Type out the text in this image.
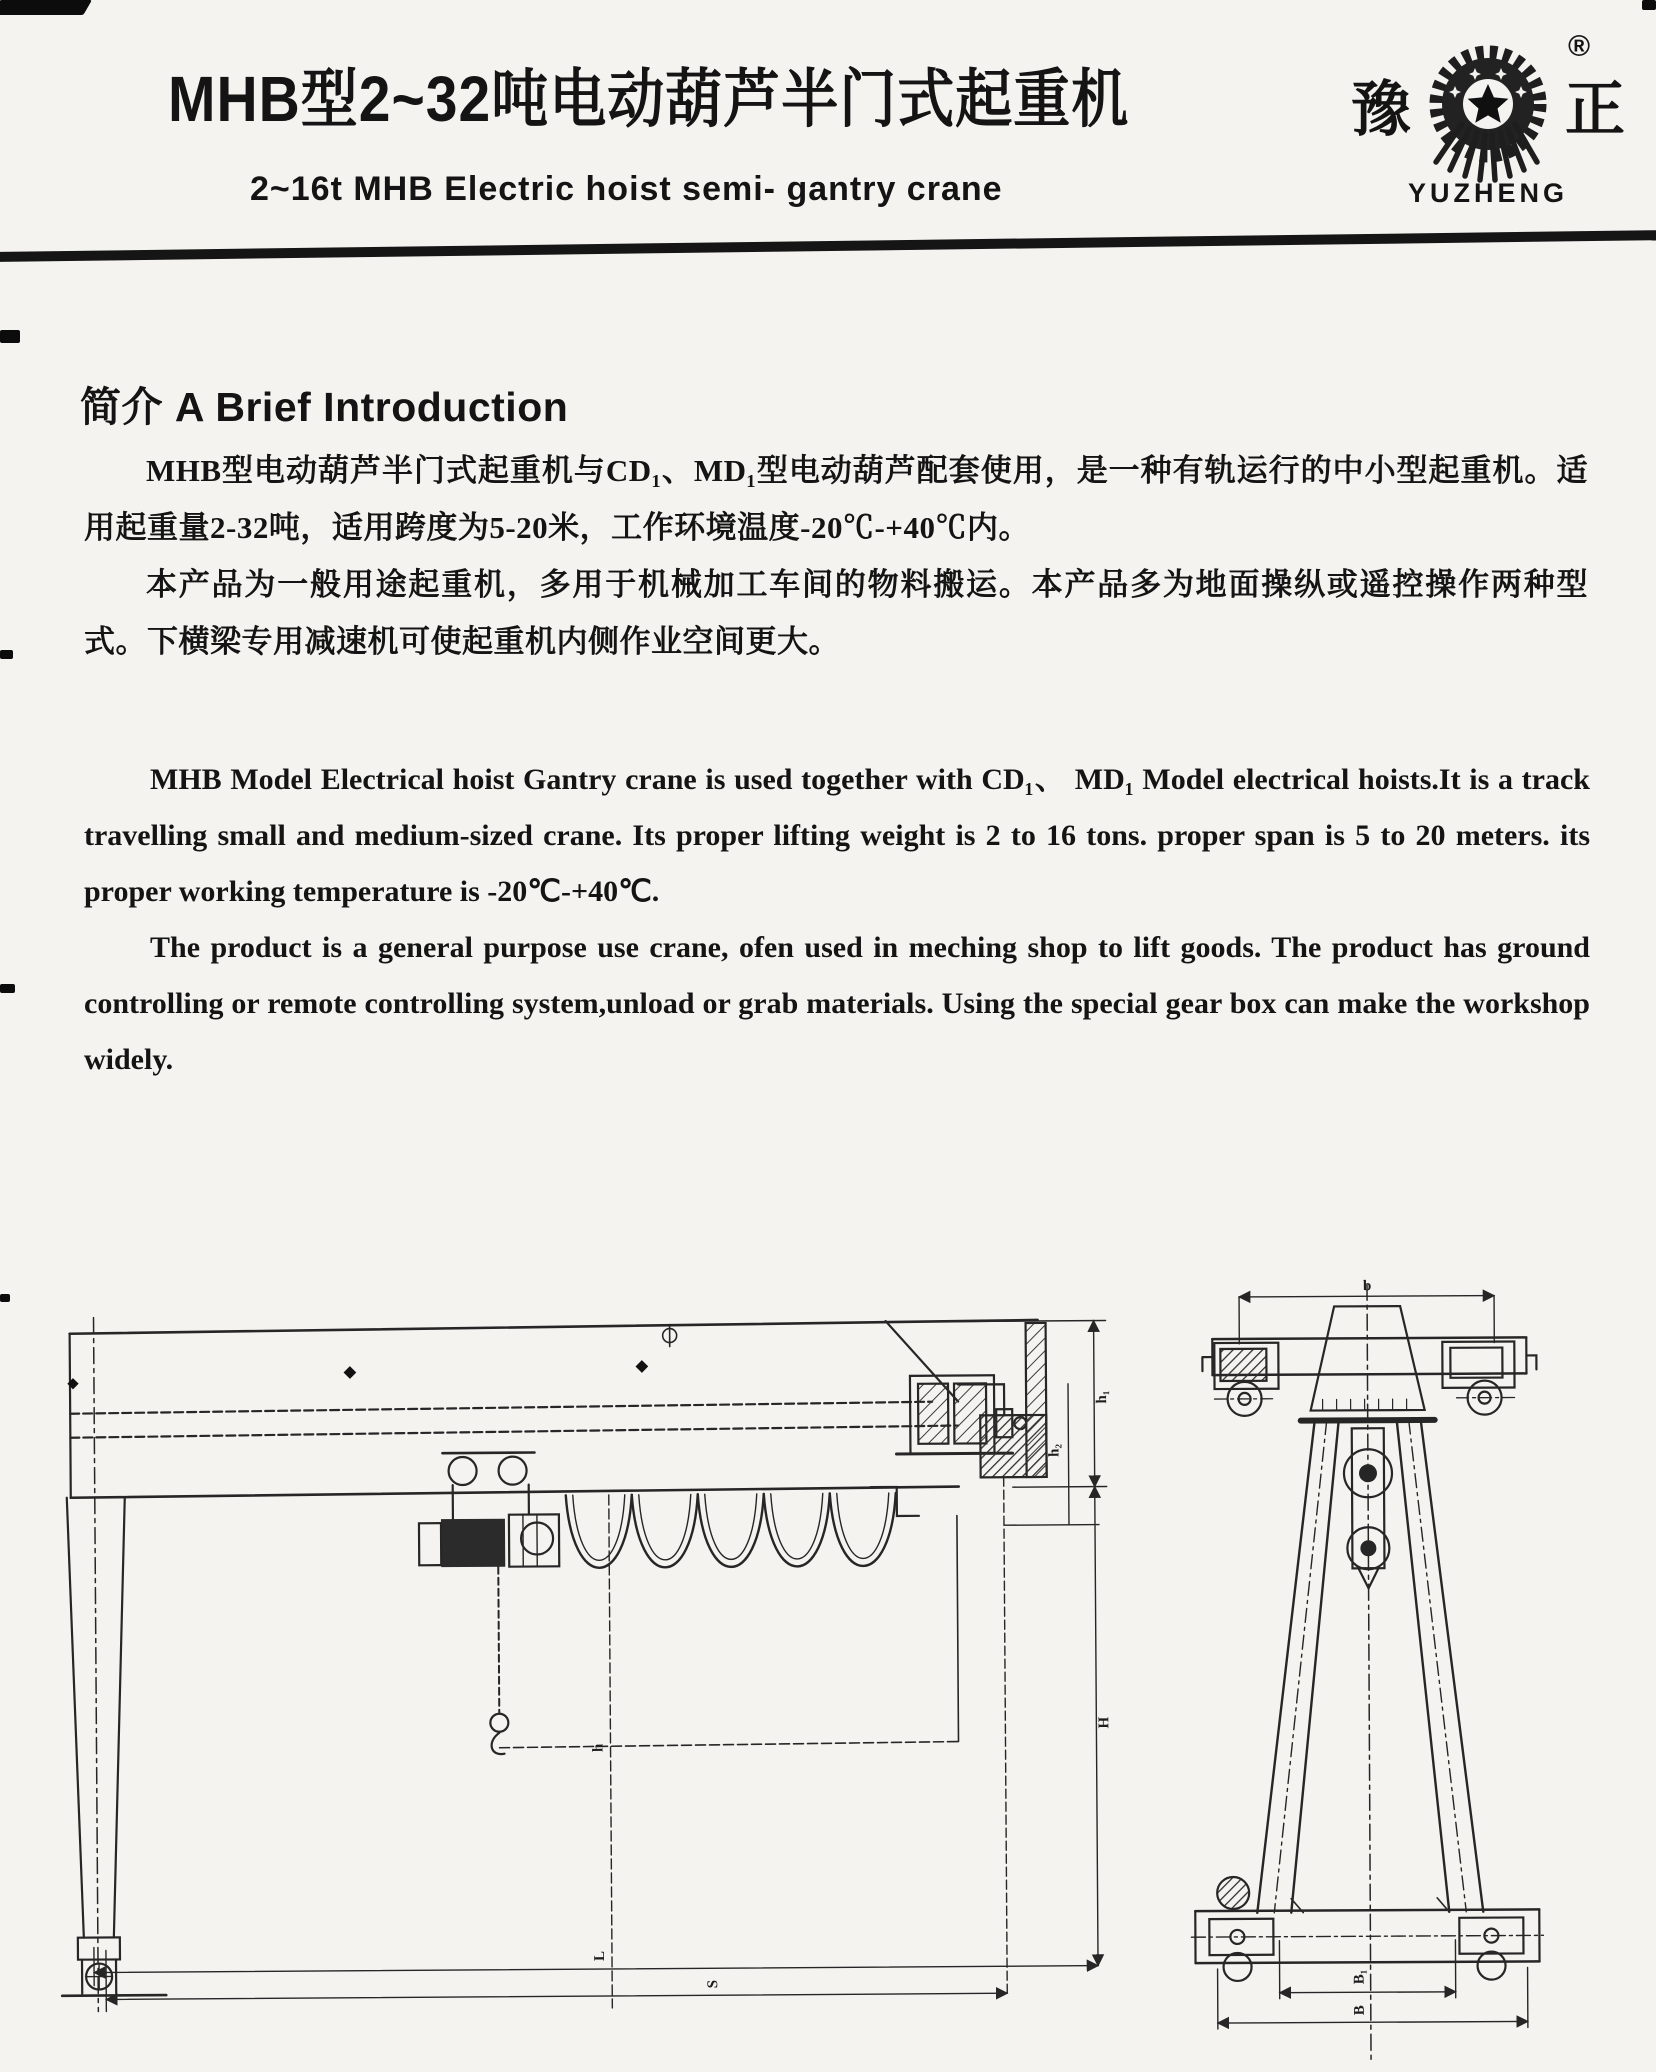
MHB型2~32吨电动葫芦半门式起重机
2~16t MHB Electric hoist semi- gantry crane
豫	正
®
YUZHENG
简介 A Brief Introduction

MHB型电动葫芦半门式起重机与CD₁、MD₁型电动葫芦配套使用，是一种有轨运行的中小型起重机。适用起重量2-32吨，适用跨度为5-20米，工作环境温度-20℃-+40℃内。

本产品为一般用途起重机，多用于机械加工车间的物料搬运。本产品多为地面操纵或遥控操作两种型式。下横梁专用减速机可使起重机内侧作业空间更大。

MHB Model Electrical hoist Gantry crane is used together with CD₁、 MD₁ Model electrical hoists.It is a track travelling small and medium-sized crane. Its proper lifting weight is 2 to 16 tons. proper span is 5 to 20 meters. its proper working temperature is -20℃-+40℃.

The product is a general purpose use crane, ofen used in meching shop to lift goods. The product has ground controlling or remote controlling system,unload or grab materials. Using the special gear box can make the workshop widely.

h₁
h₂
H
h
L
S
b
B₁
B
